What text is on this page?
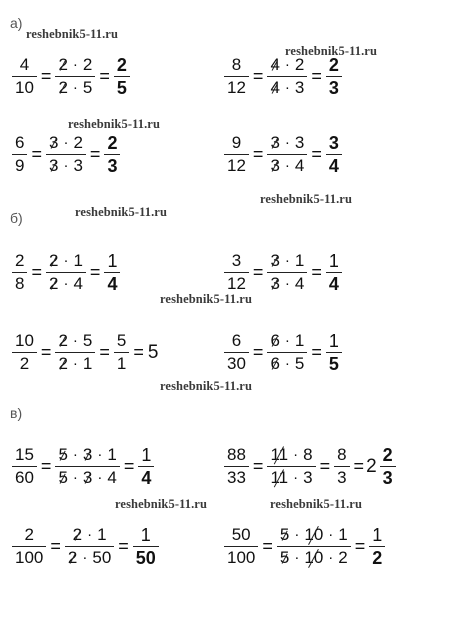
а)
б)
в)
reshebnik5-11.ru
reshebnik5-11.ru
reshebnik5-11.ru
reshebnik5-11.ru
reshebnik5-11.ru
reshebnik5-11.ru
reshebnik5-11.ru
reshebnik5-11.ru	reshebnik5-11.ru
$\frac{4}{10} = \frac{2 \cdot 2}{2 \cdot 5} = \frac{2}{5}$	$\frac{8}{12} = \frac{4 \cdot 2}{4 \cdot 3} = \frac{2}{3}$
$\frac{6}{9} = \frac{3 \cdot 2}{3 \cdot 3} = \frac{2}{3}$	$\frac{9}{12} = \frac{3 \cdot 3}{3 \cdot 4} = \frac{3}{4}$
$\frac{2}{8} = \frac{2 \cdot 1}{2 \cdot 4} = \frac{1}{4}$	$\frac{3}{12} = \frac{3 \cdot 1}{3 \cdot 4} = \frac{1}{4}$
$\frac{10}{2} = \frac{2 \cdot 5}{2 \cdot 1} = \frac{5}{1} = 5$	$\frac{6}{30} = \frac{6 \cdot 1}{6 \cdot 5} = \frac{1}{5}$
$\frac{15}{60} = \frac{5 \cdot 3 \cdot 1}{5 \cdot 3 \cdot 4} = \frac{1}{4}$	$\frac{88}{33} = \frac{11 \cdot 8}{11 \cdot 3} = \frac{8}{3} = 2 \frac{2}{3}$
$\frac{2}{100} = \frac{2 \cdot 1}{2 \cdot 50} = \frac{1}{50}$	$\frac{50}{100} = \frac{5 \cdot 10 \cdot 1}{5 \cdot 10 \cdot 2} = \frac{1}{2}$
